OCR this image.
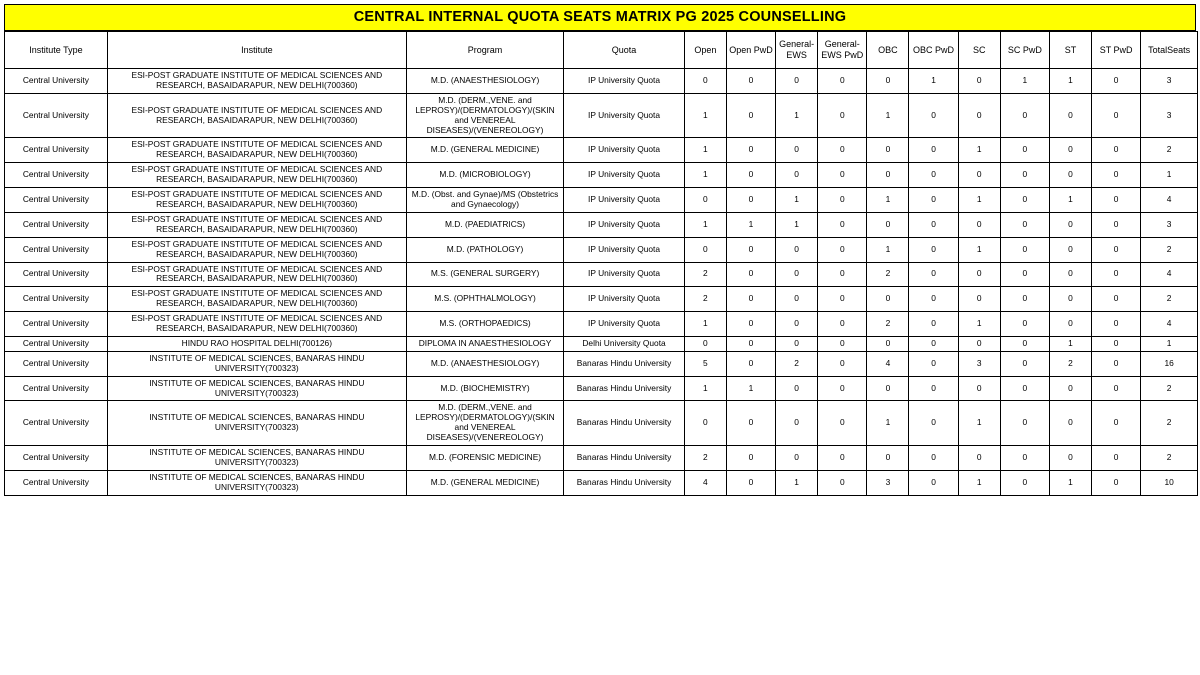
CENTRAL INTERNAL QUOTA SEATS MATRIX PG 2025 COUNSELLING
Institute Type	Institute	Program	Quota	Open	Open PwD	General-EWS	General-EWS PwD	OBC	OBC PwD	SC	SC PwD	ST	ST PwD	TotalSeats
Central University	ESI-POST GRADUATE INSTITUTE OF MEDICAL SCIENCES AND RESEARCH, BASAIDARAPUR, NEW DELHI(700360)	M.D. (ANAESTHESIOLOGY)	IP University Quota	0	0	0	0	0	1	0	1	1	0	3
Central University	ESI-POST GRADUATE INSTITUTE OF MEDICAL SCIENCES AND RESEARCH, BASAIDARAPUR, NEW DELHI(700360)	M.D. (DERM.,VENE. and LEPROSY)/(DERMATOLOGY)/(SKIN and VENEREAL DISEASES)/(VENEREOLOGY)	IP University Quota	1	0	1	0	1	0	0	0	0	0	3
Central University	ESI-POST GRADUATE INSTITUTE OF MEDICAL SCIENCES AND RESEARCH, BASAIDARAPUR, NEW DELHI(700360)	M.D. (GENERAL MEDICINE)	IP University Quota	1	0	0	0	0	0	1	0	0	0	2
Central University	ESI-POST GRADUATE INSTITUTE OF MEDICAL SCIENCES AND RESEARCH, BASAIDARAPUR, NEW DELHI(700360)	M.D. (MICROBIOLOGY)	IP University Quota	1	0	0	0	0	0	0	0	0	0	1
Central University	ESI-POST GRADUATE INSTITUTE OF MEDICAL SCIENCES AND RESEARCH, BASAIDARAPUR, NEW DELHI(700360)	M.D. (Obst. and Gynae)/MS (Obstetrics and Gynaecology)	IP University Quota	0	0	1	0	1	0	1	0	1	0	4
Central University	ESI-POST GRADUATE INSTITUTE OF MEDICAL SCIENCES AND RESEARCH, BASAIDARAPUR, NEW DELHI(700360)	M.D. (PAEDIATRICS)	IP University Quota	1	1	1	0	0	0	0	0	0	0	3
Central University	ESI-POST GRADUATE INSTITUTE OF MEDICAL SCIENCES AND RESEARCH, BASAIDARAPUR, NEW DELHI(700360)	M.D. (PATHOLOGY)	IP University Quota	0	0	0	0	1	0	1	0	0	0	2
Central University	ESI-POST GRADUATE INSTITUTE OF MEDICAL SCIENCES AND RESEARCH, BASAIDARAPUR, NEW DELHI(700360)	M.S. (GENERAL SURGERY)	IP University Quota	2	0	0	0	2	0	0	0	0	0	4
Central University	ESI-POST GRADUATE INSTITUTE OF MEDICAL SCIENCES AND RESEARCH, BASAIDARAPUR, NEW DELHI(700360)	M.S. (OPHTHALMOLOGY)	IP University Quota	2	0	0	0	0	0	0	0	0	0	2
Central University	ESI-POST GRADUATE INSTITUTE OF MEDICAL SCIENCES AND RESEARCH, BASAIDARAPUR, NEW DELHI(700360)	M.S. (ORTHOPAEDICS)	IP University Quota	1	0	0	0	2	0	1	0	0	0	4
Central University	HINDU RAO HOSPITAL DELHI(700126)	DIPLOMA IN ANAESTHESIOLOGY	Delhi University Quota	0	0	0	0	0	0	0	0	1	0	1
Central University	INSTITUTE OF MEDICAL SCIENCES, BANARAS HINDU UNIVERSITY(700323)	M.D. (ANAESTHESIOLOGY)	Banaras Hindu University	5	0	2	0	4	0	3	0	2	0	16
Central University	INSTITUTE OF MEDICAL SCIENCES, BANARAS HINDU UNIVERSITY(700323)	M.D. (BIOCHEMISTRY)	Banaras Hindu University	1	1	0	0	0	0	0	0	0	0	2
Central University	INSTITUTE OF MEDICAL SCIENCES, BANARAS HINDU UNIVERSITY(700323)	M.D. (DERM.,VENE. and LEPROSY)/(DERMATOLOGY)/(SKIN and VENEREAL DISEASES)/(VENEREOLOGY)	Banaras Hindu University	0	0	0	0	1	0	1	0	0	0	2
Central University	INSTITUTE OF MEDICAL SCIENCES, BANARAS HINDU UNIVERSITY(700323)	M.D. (FORENSIC MEDICINE)	Banaras Hindu University	2	0	0	0	0	0	0	0	0	0	2
Central University	INSTITUTE OF MEDICAL SCIENCES, BANARAS HINDU UNIVERSITY(700323)	M.D. (GENERAL MEDICINE)	Banaras Hindu University	4	0	1	0	3	0	1	0	1	0	10
